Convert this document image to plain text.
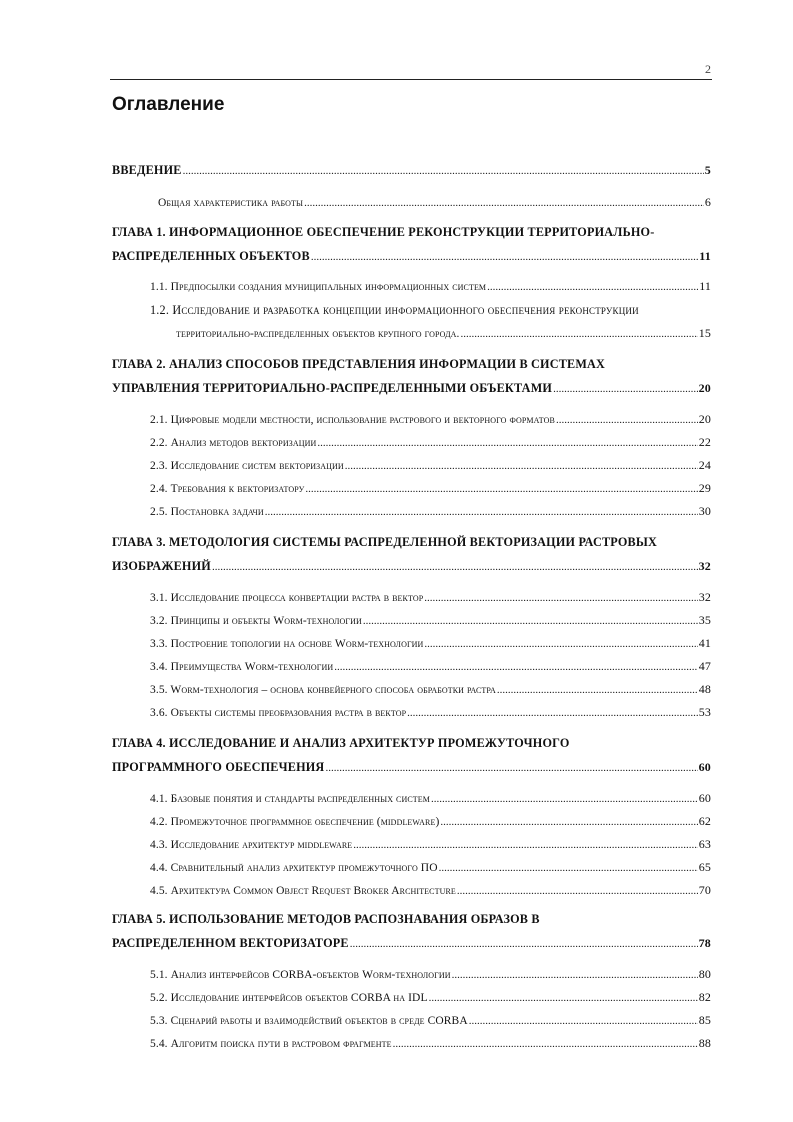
2
Оглавление
ВВЕДЕНИЕ .....	5
Общая характеристика работы .....	6
ГЛАВА 1. ИНФОРМАЦИОННОЕ ОБЕСПЕЧЕНИЕ РЕКОНСТРУКЦИИ ТЕРРИТОРИАЛЬНО-
РАСПРЕДЕЛЕННЫХ ОБЪЕКТОВ .....	11
1.1. Предпосылки создания муниципальных информационных систем .....	11
1.2. Исследование и разработка концепции информационного обеспечения реконструкции
территориально-распределенных объектов крупного города. .....	15
ГЛАВА 2. АНАЛИЗ СПОСОБОВ ПРЕДСТАВЛЕНИЯ ИНФОРМАЦИИ В СИСТЕМАХ
УПРАВЛЕНИЯ ТЕРРИТОРИАЛЬНО-РАСПРЕДЕЛЕННЫМИ ОБЪЕКТАМИ .....	20
2.1. Цифровые модели местности, использование растрового и векторного форматов .....	20
2.2. Анализ методов векторизации .....	22
2.3. Исследование систем векторизации .....	24
2.4. Требования к векторизатору .....	29
2.5. Постановка задачи .....	30
ГЛАВА 3. МЕТОДОЛОГИЯ СИСТЕМЫ РАСПРЕДЕЛЕННОЙ ВЕКТОРИЗАЦИИ РАСТРОВЫХ
ИЗОБРАЖЕНИЙ .....	32
3.1. Исследование процесса конвертации растра в вектор .....	32
3.2. Принципы и объекты Worm-технологии .....	35
3.3. Построение топологии на основе Worm-технологии .....	41
3.4. Преимущества Worm-технологии .....	47
3.5. Worm-технология – основа конвейерного способа обработки растра .....	48
3.6. Объекты системы преобразования растра в вектор .....	53
ГЛАВА 4. ИССЛЕДОВАНИЕ И АНАЛИЗ АРХИТЕКТУР ПРОМЕЖУТОЧНОГО
ПРОГРАММНОГО ОБЕСПЕЧЕНИЯ .....	60
4.1. Базовые понятия и стандарты распределенных систем .....	60
4.2. Промежуточное программное обеспечение (middleware) .....	62
4.3. Исследование архитектур middleware .....	63
4.4. Сравнительный анализ архитектур промежуточного ПО .....	65
4.5. Архитектура Common Object Request Broker Architecture .....	70
ГЛАВА 5. ИСПОЛЬЗОВАНИЕ МЕТОДОВ РАСПОЗНАВАНИЯ ОБРАЗОВ В
РАСПРЕДЕЛЕННОМ ВЕКТОРИЗАТОРЕ .....	78
5.1. Анализ интерфейсов CORBA-объектов Worm-технологии .....	80
5.2. Исследование интерфейсов объектов CORBA на IDL .....	82
5.3. Сценарий работы и взаимодействий объектов в среде CORBA .....	85
5.4. Алгоритм поиска пути в растровом фрагменте .....	88
